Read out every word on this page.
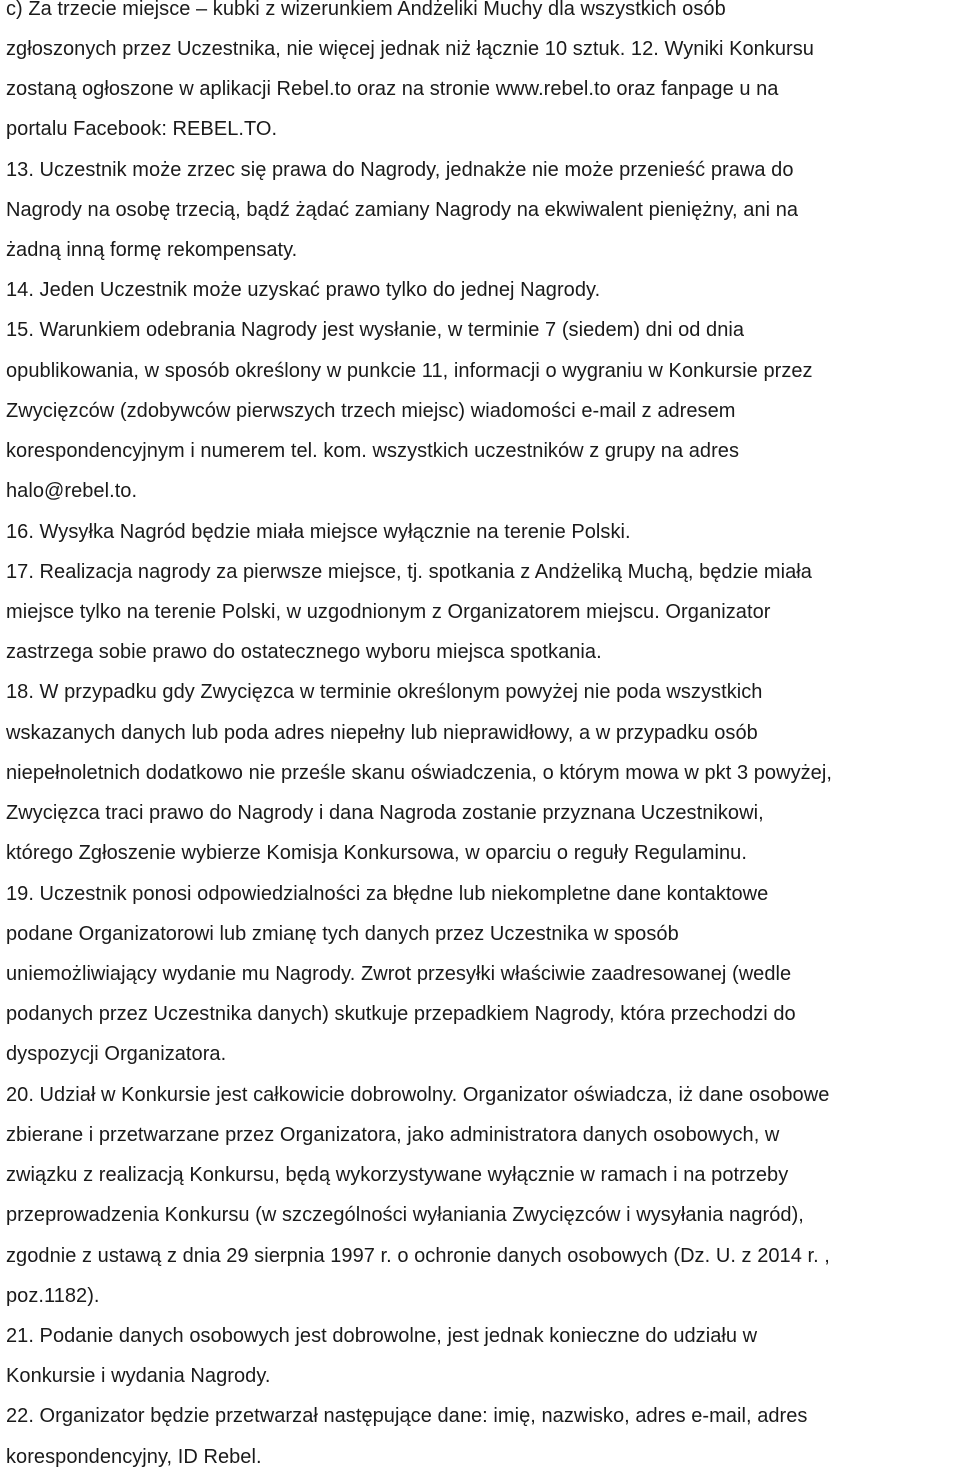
c) Za trzecie miejsce – kubki z wizerunkiem Andżeliki Muchy dla wszystkich osób
zgłoszonych przez Uczestnika, nie więcej jednak niż łącznie 10 sztuk. 12. Wyniki Konkursu
zostaną ogłoszone w aplikacji Rebel.to oraz na stronie www.rebel.to oraz fanpage u na
portalu Facebook: REBEL.TO.
13. Uczestnik może zrzec się prawa do Nagrody, jednakże nie może przenieść prawa do
Nagrody na osobę trzecią, bądź żądać zamiany Nagrody na ekwiwalent pieniężny, ani na
żadną inną formę rekompensaty.
14. Jeden Uczestnik może uzyskać prawo tylko do jednej Nagrody.
15. Warunkiem odebrania Nagrody jest wysłanie, w terminie 7 (siedem) dni od dnia
opublikowania, w sposób określony w punkcie 11, informacji o wygraniu w Konkursie przez
Zwycięzców (zdobywców pierwszych trzech miejsc) wiadomości e-mail z adresem
korespondencyjnym i numerem tel. kom. wszystkich uczestników z grupy na adres
halo@rebel.to.
16. Wysyłka Nagród będzie miała miejsce wyłącznie na terenie Polski.
17. Realizacja nagrody za pierwsze miejsce, tj. spotkania z Andżeliką Muchą, będzie miała
miejsce tylko na terenie Polski, w uzgodnionym z Organizatorem miejscu. Organizator
zastrzega sobie prawo do ostatecznego wyboru miejsca spotkania.
18. W przypadku gdy Zwycięzca w terminie określonym powyżej nie poda wszystkich
wskazanych danych lub poda adres niepełny lub nieprawidłowy, a w przypadku osób
niepełnoletnich dodatkowo nie prześle skanu oświadczenia, o którym mowa w pkt 3 powyżej,
Zwycięzca traci prawo do Nagrody i dana Nagroda zostanie przyznana Uczestnikowi,
którego Zgłoszenie wybierze Komisja Konkursowa, w oparciu o reguły Regulaminu.
19. Uczestnik ponosi odpowiedzialności za błędne lub niekompletne dane kontaktowe
podane Organizatorowi lub zmianę tych danych przez Uczestnika w sposób
uniemożliwiający wydanie mu Nagrody. Zwrot przesyłki właściwie zaadresowanej (wedle
podanych przez Uczestnika danych) skutkuje przepadkiem Nagrody, która przechodzi do
dyspozycji Organizatora.
20. Udział w Konkursie jest całkowicie dobrowolny. Organizator oświadcza, iż dane osobowe
zbierane i przetwarzane przez Organizatora, jako administratora danych osobowych, w
związku z realizacją Konkursu, będą wykorzystywane wyłącznie w ramach i na potrzeby
przeprowadzenia Konkursu (w szczególności wyłaniania Zwycięzców i wysyłania nagród),
zgodnie z ustawą z dnia 29 sierpnia 1997 r. o ochronie danych osobowych (Dz. U. z 2014 r. ,
poz.1182).
21. Podanie danych osobowych jest dobrowolne, jest jednak konieczne do udziału w
Konkursie i wydania Nagrody.
22. Organizator będzie przetwarzał następujące dane: imię, nazwisko, adres e-mail, adres
korespondencyjny, ID Rebel.
